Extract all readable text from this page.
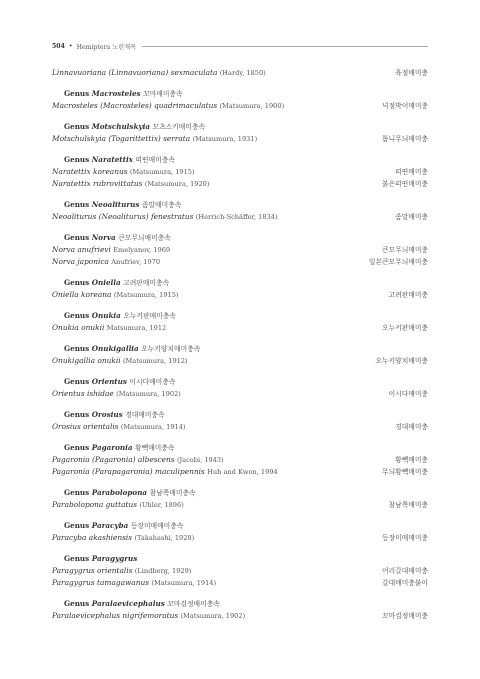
504 • Hemiptera 노린재목
Linnavuoriana (Linnavuoriana) sexmaculata (Hardy, 1850)	육점매미충
Genus Macrosteles 꼬마매미충속
Macrosteles (Macrosteles) quadrimaculatus (Matsumura, 1900)	넉점박이매미충
Genus Motschulskyia 모츠스키매미충속
Motschulskyia (Togarittettix) serrata (Matsumura, 1931)	톱니무늬매미충
Genus Naratettix 띠띤매미충속
Naratettix koreanus (Matsumura, 1915)	띠띤매미충
Naratettix rubrovittatus (Matsumura, 1920)	붉은띠띤매미충
Genus Neoaliturus 좀말매미충속
Neoaliturus (Neoaliturus) fenestratus (Herrich-Schäffer, 1834)	좀말매미충
Genus Norva 큰모무늬매미충속
Norva anufrievi Emelyanov, 1969	큰모무늬매미충
Norva japonica Anufriev, 1970	일본큰모무늬매미충
Genus Oniella 고려판매미충속
Oniella koreana (Matsumura, 1915)	고려판매미충
Genus Onukia 오누키판매미충속
Onukia onukii Matsumura, 1912	오누키판매미충
Genus Onukigallia 오누키양치매미충속
Onukigallia onukii (Matsumura, 1912)	오누키양치매미충
Genus Orientus 이시다매미충속
Orientus ishidae (Matsumura, 1902)	이시다매미충
Genus Orosius 경대매미충속
Orosius orientalis (Matsumura, 1914)	경대매미충
Genus Pagaronia 황빽매미충속
Pagaronia (Pagaronia) albescens (Jacobi, 1943)	황빽매미충
Pagaronia (Parapagaronia) maculipennis Huh and Kwon, 1994	무늬황빽매미충
Genus Parabolopona 참남쪽매미충속
Parabolopona guttatus (Uhler, 1896)	참남쪽매미충
Genus Paracyba 등장미매매미충속
Paracyba akashiensis (Takahashi, 1928)	등장미매매미충
Genus Paragygrus
Paragygrus orientalis (Lindberg, 1929)	어리갈대매미충
Paragygrus tamagawanus (Matsumura, 1914)	갈대매미충붙이
Genus Paralaevicephalus 꼬마검정매미충속
Paralaevicephalus nigrifemoratus (Matsumura, 1902)	꼬마검정매미충
